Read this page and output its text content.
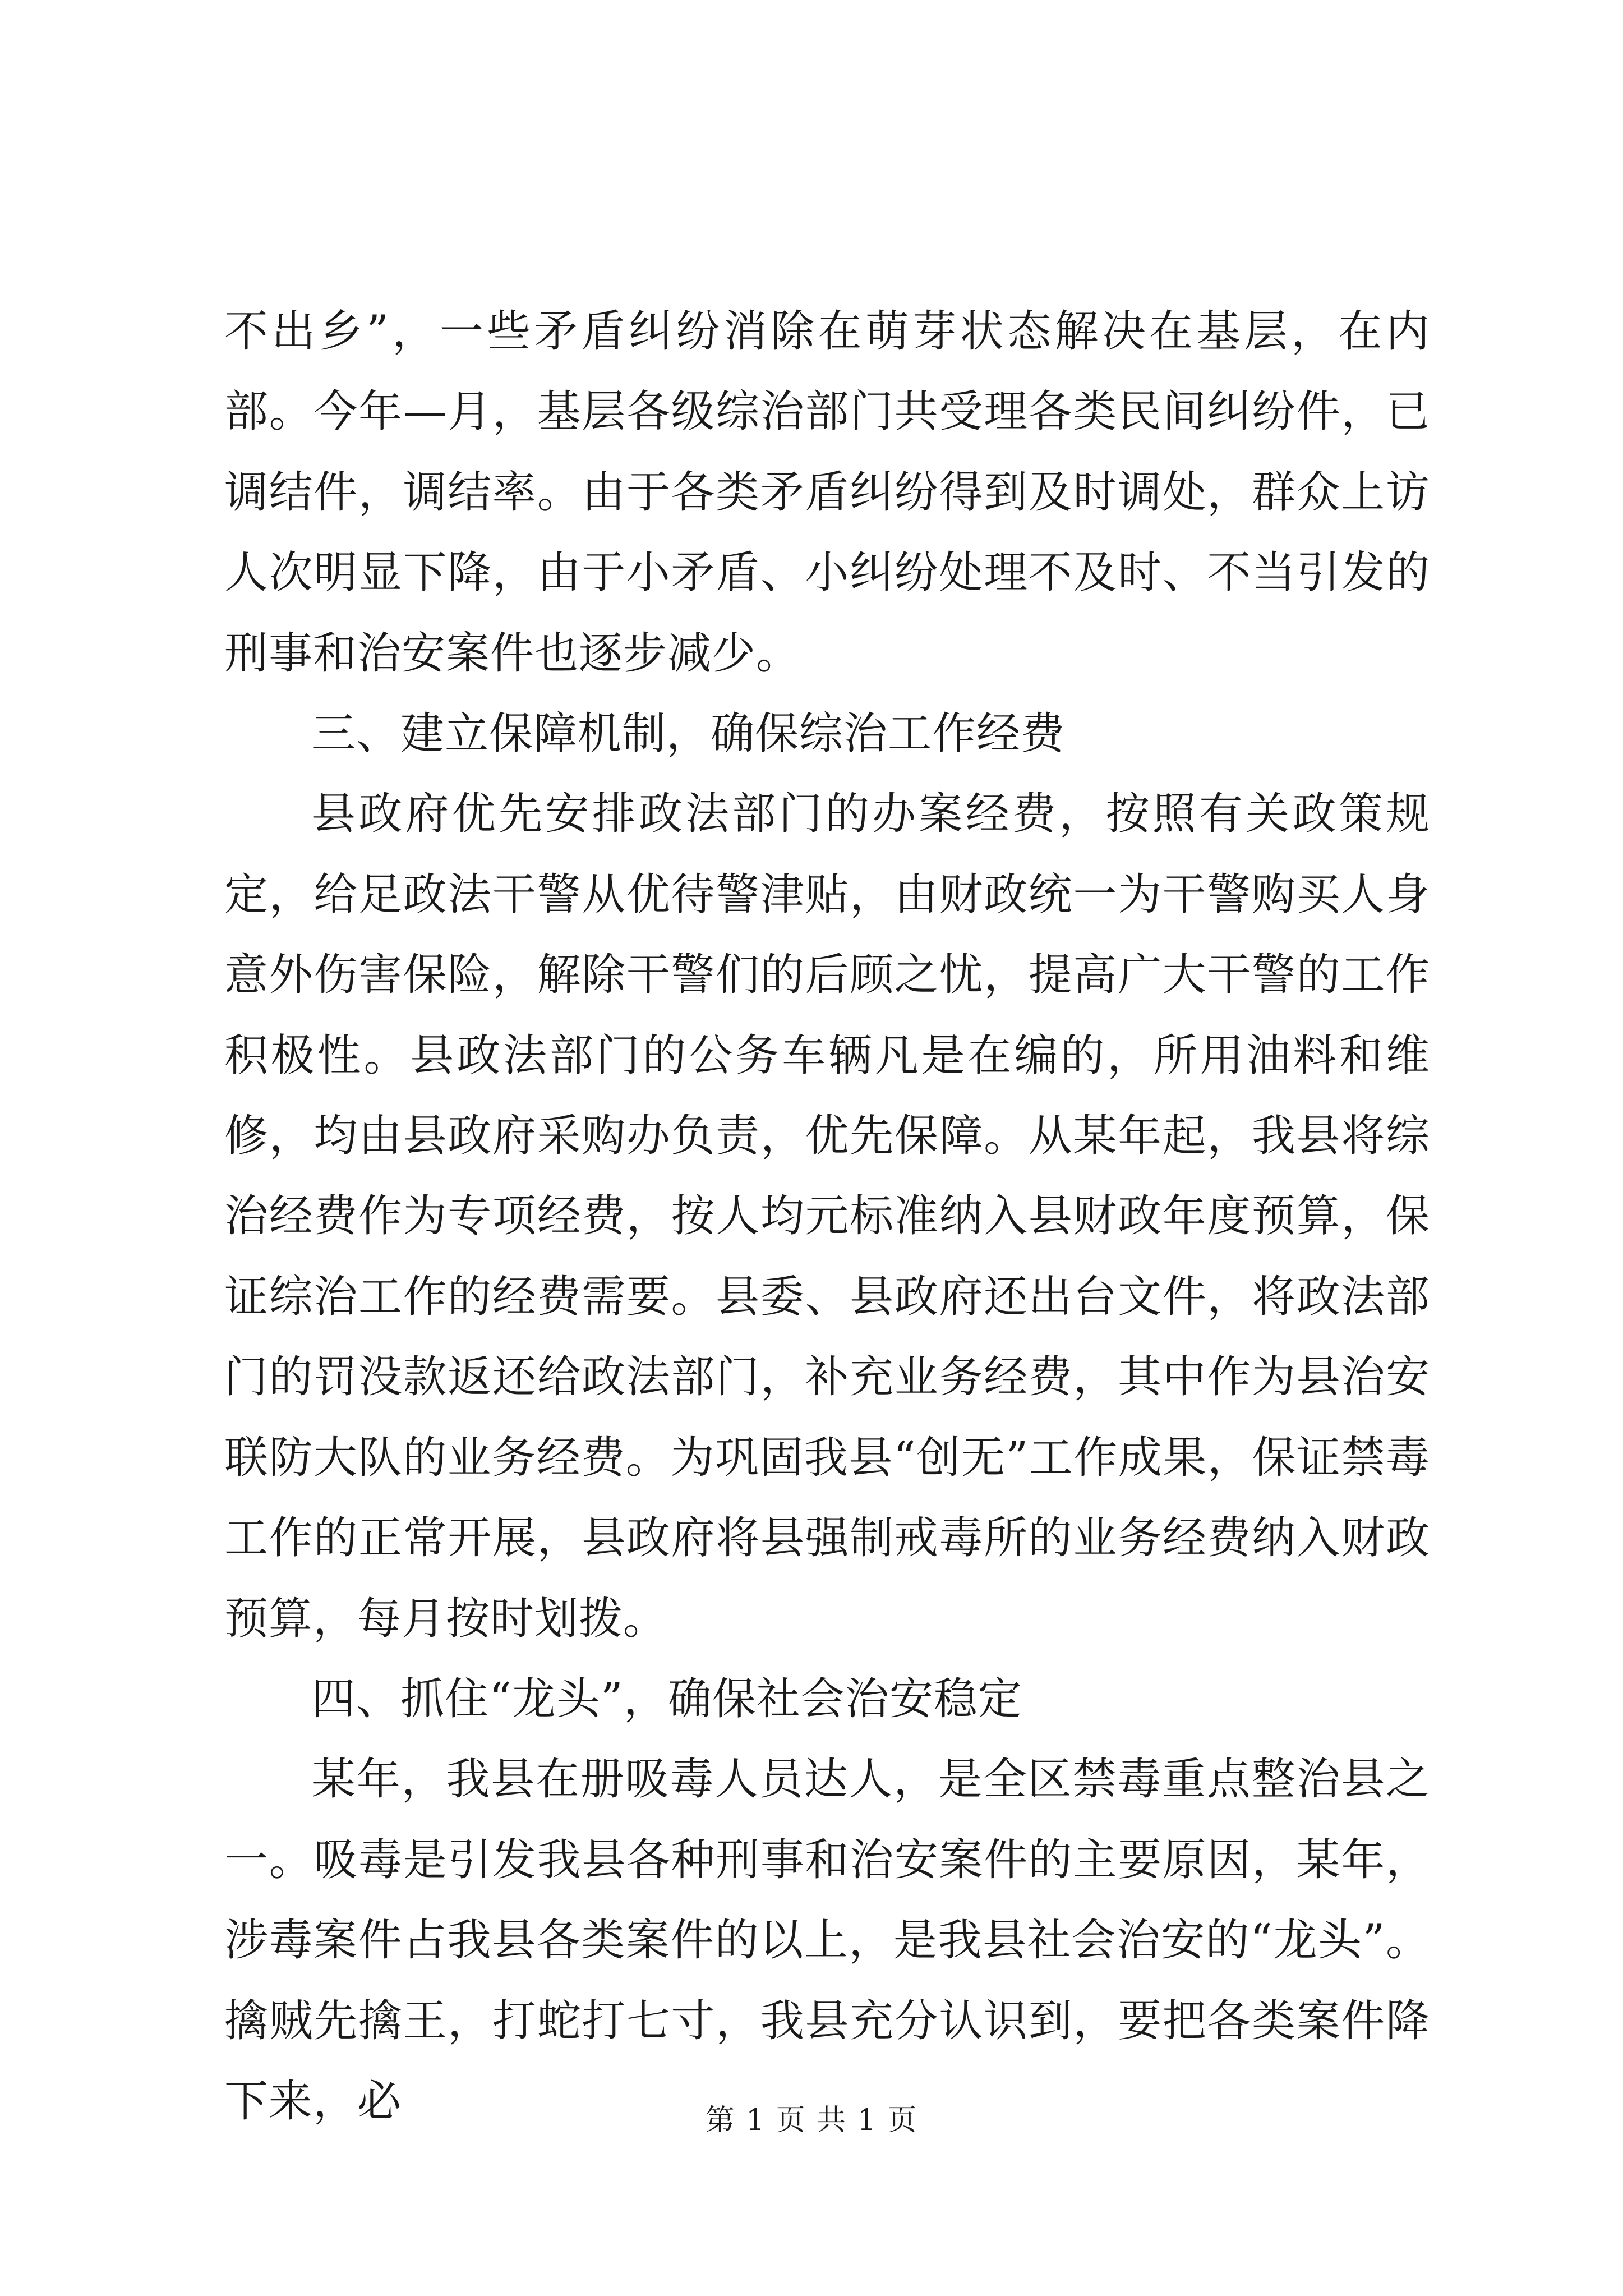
不出乡”，一些矛盾纠纷消除在萌芽状态解决在基层，在内部。今年—月，基层各级综治部门共受理各类民间纠纷件，已调结件，调结率。由于各类矛盾纠纷得到及时调处，群众上访人次明显下降，由于小矛盾、小纠纷处理不及时、不当引发的刑事和治安案件也逐步减少。

三、建立保障机制，确保综治工作经费

县政府优先安排政法部门的办案经费，按照有关政策规定，给足政法干警从优待警津贴，由财政统一为干警购买人身意外伤害保险，解除干警们的后顾之忧，提高广大干警的工作积极性。县政法部门的公务车辆凡是在编的，所用油料和维修，均由县政府采购办负责，优先保障。从某年起，我县将综治经费作为专项经费，按人均元标准纳入县财政年度预算，保证综治工作的经费需要。县委、县政府还出台文件，将政法部门的罚没款返还给政法部门，补充业务经费，其中作为县治安联防大队的业务经费。为巩固我县“创无”工作成果，保证禁毒工作的正常开展，县政府将县强制戒毒所的业务经费纳入财政预算，每月按时划拨。

四、抓住“龙头”，确保社会治安稳定

某年，我县在册吸毒人员达人，是全区禁毒重点整治县之一。吸毒是引发我县各种刑事和治安案件的主要原因，某年，涉毒案件占我县各类案件的以上，是我县社会治安的“龙头”。擒贼先擒王，打蛇打七寸，我县充分认识到，要把各类案件降下来，必	第 1 页 共 1 页
